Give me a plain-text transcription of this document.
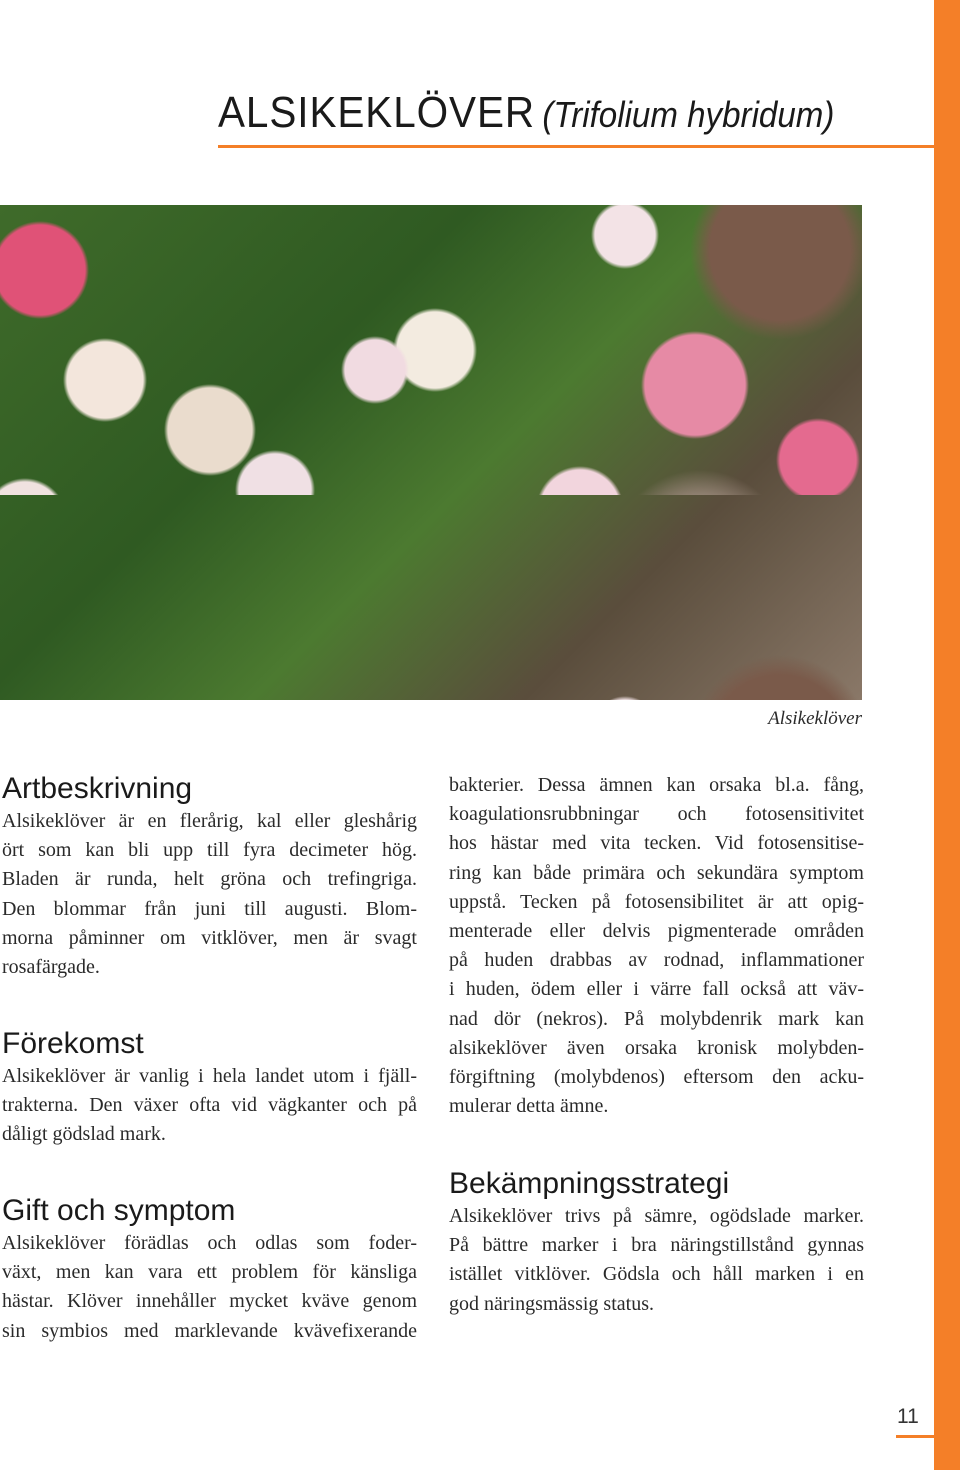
ALSIKEKLÖVER (Trifolium hybridum)
Alsikeklöver
Artbeskrivning
Alsikeklöver är en flerårig, kal eller gleshårig
ört som kan bli upp till fyra decimeter hög.
Bladen är runda, helt gröna och trefingriga.
Den blommar från juni till augusti. Blom-
morna påminner om vitklöver, men är svagt
rosafärgade.
Förekomst
Alsikeklöver är vanlig i hela landet utom i fjäll-
trakterna. Den växer ofta vid vägkanter och på
dåligt gödslad mark.
Gift och symptom
Alsikeklöver förädlas och odlas som foder-
växt, men kan vara ett problem för känsliga
hästar. Klöver innehåller mycket kväve genom
sin symbios med marklevande kvävefixerande
bakterier. Dessa ämnen kan orsaka bl.a. fång,
koagulationsrubbningar och fotosensitivitet
hos hästar med vita tecken. Vid fotosensitise-
ring kan både primära och sekundära symptom
uppstå. Tecken på fotosensibilitet är att opig-
menterade eller delvis pigmenterade områden
på huden drabbas av rodnad, inflammationer
i huden, ödem eller i värre fall också att väv-
nad dör (nekros). På molybdenrik mark kan
alsikeklöver även orsaka kronisk molybden-
förgiftning (molybdenos) eftersom den acku-
mulerar detta ämne.
Bekämpningsstrategi
Alsikeklöver trivs på sämre, ogödslade marker.
På bättre marker i bra näringstillstånd gynnas
istället vitklöver. Gödsla och håll marken i en
god näringsmässig status.
11
